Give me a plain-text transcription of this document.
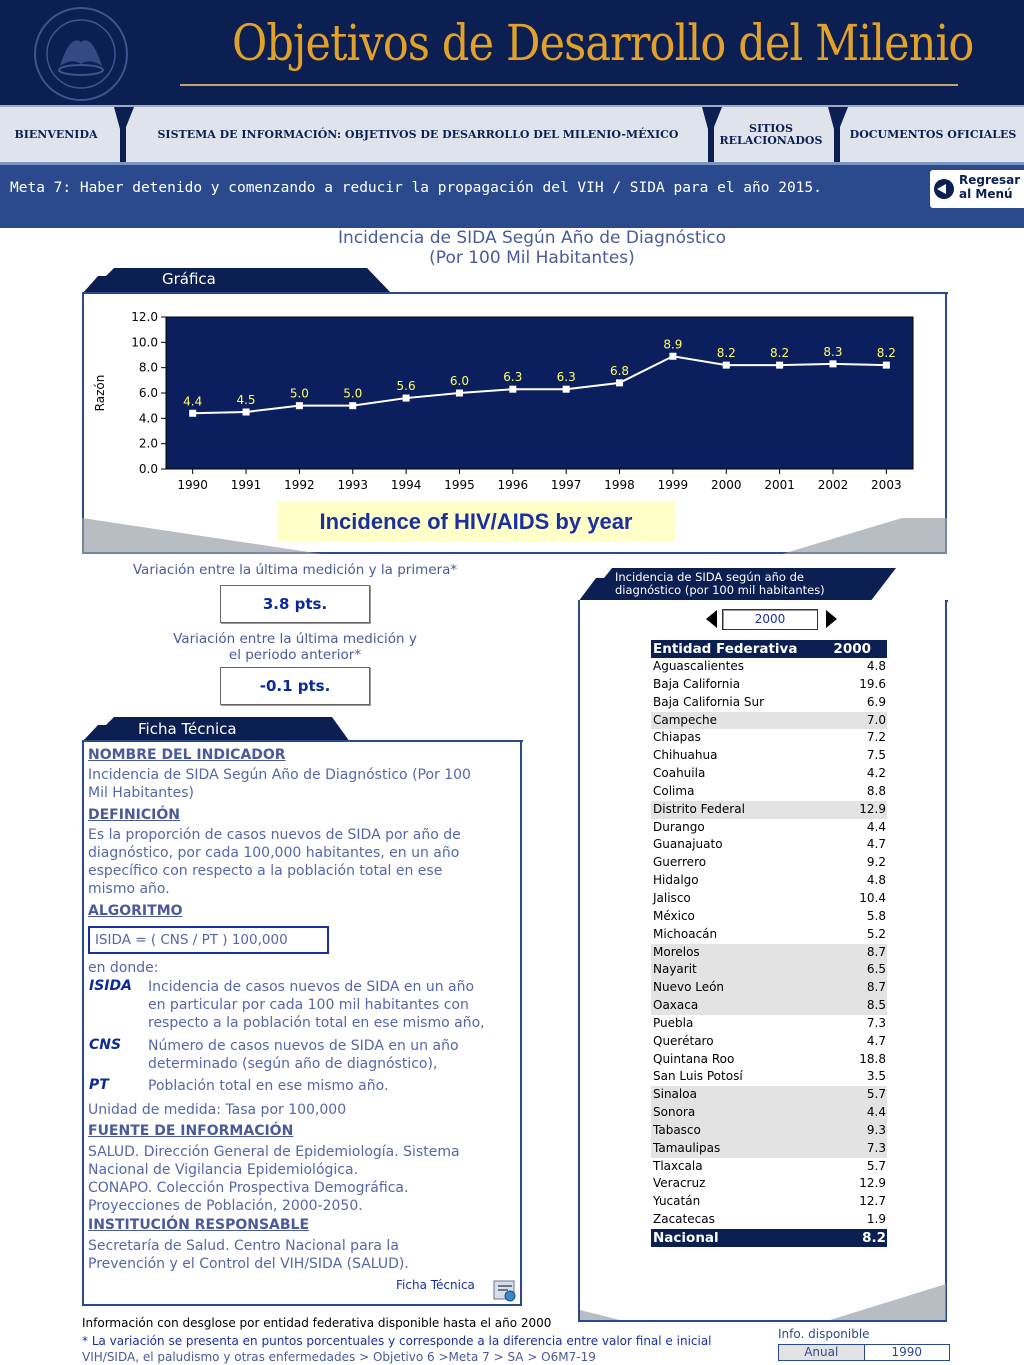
Objetivos de Desarrollo del Milenio
BIENVENIDA	SISTEMA DE INFORMACIÓN: OBJETIVOS DE DESARROLLO DEL MILENIO-MÉXICO	SITIOS
RELACIONADOS DOCUMENTOS OFICIALES
Meta 7: Haber detenido y comenzando a reducir la propagación del VIH / SIDA para el año 2015.	Regresar
al Menú
Incidencia de SIDA Según Año de Diagnóstico
(Por 100 Mil Habitantes)
Gráfica
0.0
2.0
4.0
6.0
8.0
10.0
12.0
1990 1991 1992 1993 1994 1995 1996 1997 1998 1999 2000 2001 2002 2003
Razón	4.4	4.5	5.0	5.0
5.6	6.0	6.3	6.3	6.8
8.9
8.2	8.2	8.3	8.2
Incidence of HIV/AIDS by year
Variación entre la última medición y la primera*
3.8 pts.
Variación entre la última medición y
el periodo anterior*
-0.1 pts.
Ficha Técnica
NOMBRE DEL INDICADOR
Incidencia de SIDA Según Año de Diagnóstico (Por 100
Mil Habitantes)
DEFINICIÓN
Es la proporción de casos nuevos de SIDA por año de
diagnóstico, por cada 100,000 habitantes, en un año
específico con respecto a la población total en ese
mismo año.
ALGORITMO
ISIDA = ( CNS / PT ) 100,000
en donde:
ISIDA Incidencia de casos nuevos de SIDA en un año
en particular por cada 100 mil habitantes con
respecto a la población total en ese mismo año,
CNS Número de casos nuevos de SIDA en un año
determinado (según año de diagnóstico),
PT	Población total en ese mismo año.
Unidad de medida: Tasa por 100,000
FUENTE DE INFORMACIÓN
SALUD. Dirección General de Epidemiología. Sistema
Nacional de Vigilancia Epidemiológica.
CONAPO. Colección Prospectiva Demográfica.
Proyecciones de Población, 2000-2050.
INSTITUCIÓN RESPONSABLE
Secretaría de Salud. Centro Nacional para la
Prevención y el Control del VIH/SIDA (SALUD).
Ficha Técnica
Incidencia de SIDA según año de
diagnóstico (por 100 mil habitantes)
2000
Entidad Federativa	2000
Aguascalientes	4.8
Baja California	19.6
Baja California Sur	6.9
Campeche	7.0
Chiapas	7.2
Chihuahua	7.5
Coahuila	4.2
Colima	8.8
Distrito Federal	12.9
Durango	4.4
Guanajuato	4.7
Guerrero	9.2
Hidalgo	4.8
Jalisco	10.4
México	5.8
Michoacán	5.2
Morelos	8.7
Nayarit	6.5
Nuevo León	8.7
Oaxaca	8.5
Puebla	7.3
Querétaro	4.7
Quintana Roo	18.8
San Luis Potosí	3.5
Sinaloa	5.7
Sonora	4.4
Tabasco	9.3
Tamaulipas	7.3
Tlaxcala	5.7
Veracruz	12.9
Yucatán	12.7
Zacatecas	1.9
Nacional	8.2
Información con desglose por entidad federativa disponible hasta el año 2000
* La variación se presenta en puntos porcentuales y corresponde a la diferencia entre valor final e inicial
VIH/SIDA, el paludismo y otras enfermedades > Objetivo 6 >Meta 7 > SA > O6M7-19
Info. disponible
Anual	1990
